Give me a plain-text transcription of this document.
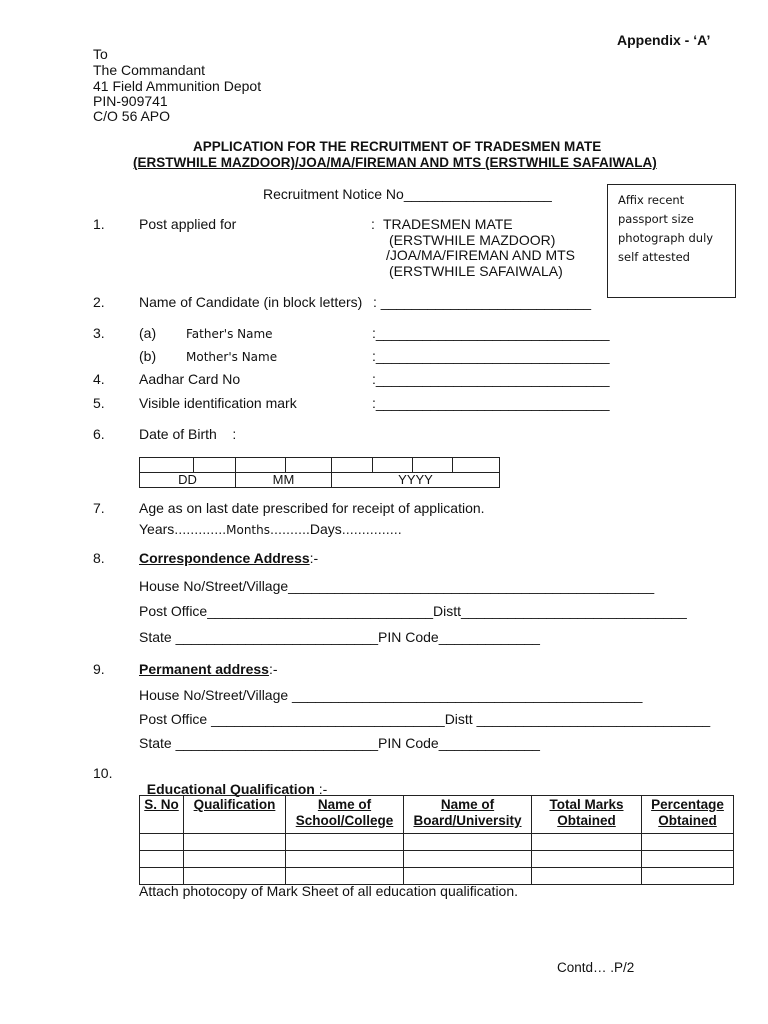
Appendix - ‘A’
To
The Commandant
41 Field Ammunition Depot
PIN-909741
C/O 56 APO
APPLICATION FOR THE RECRUITMENT OF TRADESMEN MATE
(ERSTWHILE MAZDOOR)/JOA/MA/FIREMAN AND MTS (ERSTWHILE SAFAIWALA)
Recruitment Notice No___________________	Affix recent passport size photograph duly self attested
1. Post applied for	: TRADESMEN MATE
(ERSTWHILE MAZDOOR)
/JOA/MA/FIREMAN AND MTS
(ERSTWHILE SAFAIWALA)
2. Name of Candidate (in block letters) : ___________________________
3. (a) Father's Name	:______________________________
(b) Mother's Name	:______________________________
4. Aadhar Card No	:______________________________
5. Visible identification mark	:______________________________
6. Date of Birth    :

DD		MM		YYYY			
7. Age as on last date prescribed for receipt of application.
Years………….Months……….Days……………
8. Correspondence Address:-
House No/Street/Village_______________________________________________
Post Office_____________________________Distt_____________________________
State __________________________PIN Code_____________
9. Permanent address:-
House No/Street/Village _____________________________________________
Post Office ______________________________Distt ______________________________
State __________________________PIN Code_____________
10.

Educational Qualification :-

S. No	Qualification	Name of School/College	Name of Board/University	Total Marks Obtained	Percentage Obtained

Attach photocopy of Mark Sheet of all education qualification.
Contd… .P/2
